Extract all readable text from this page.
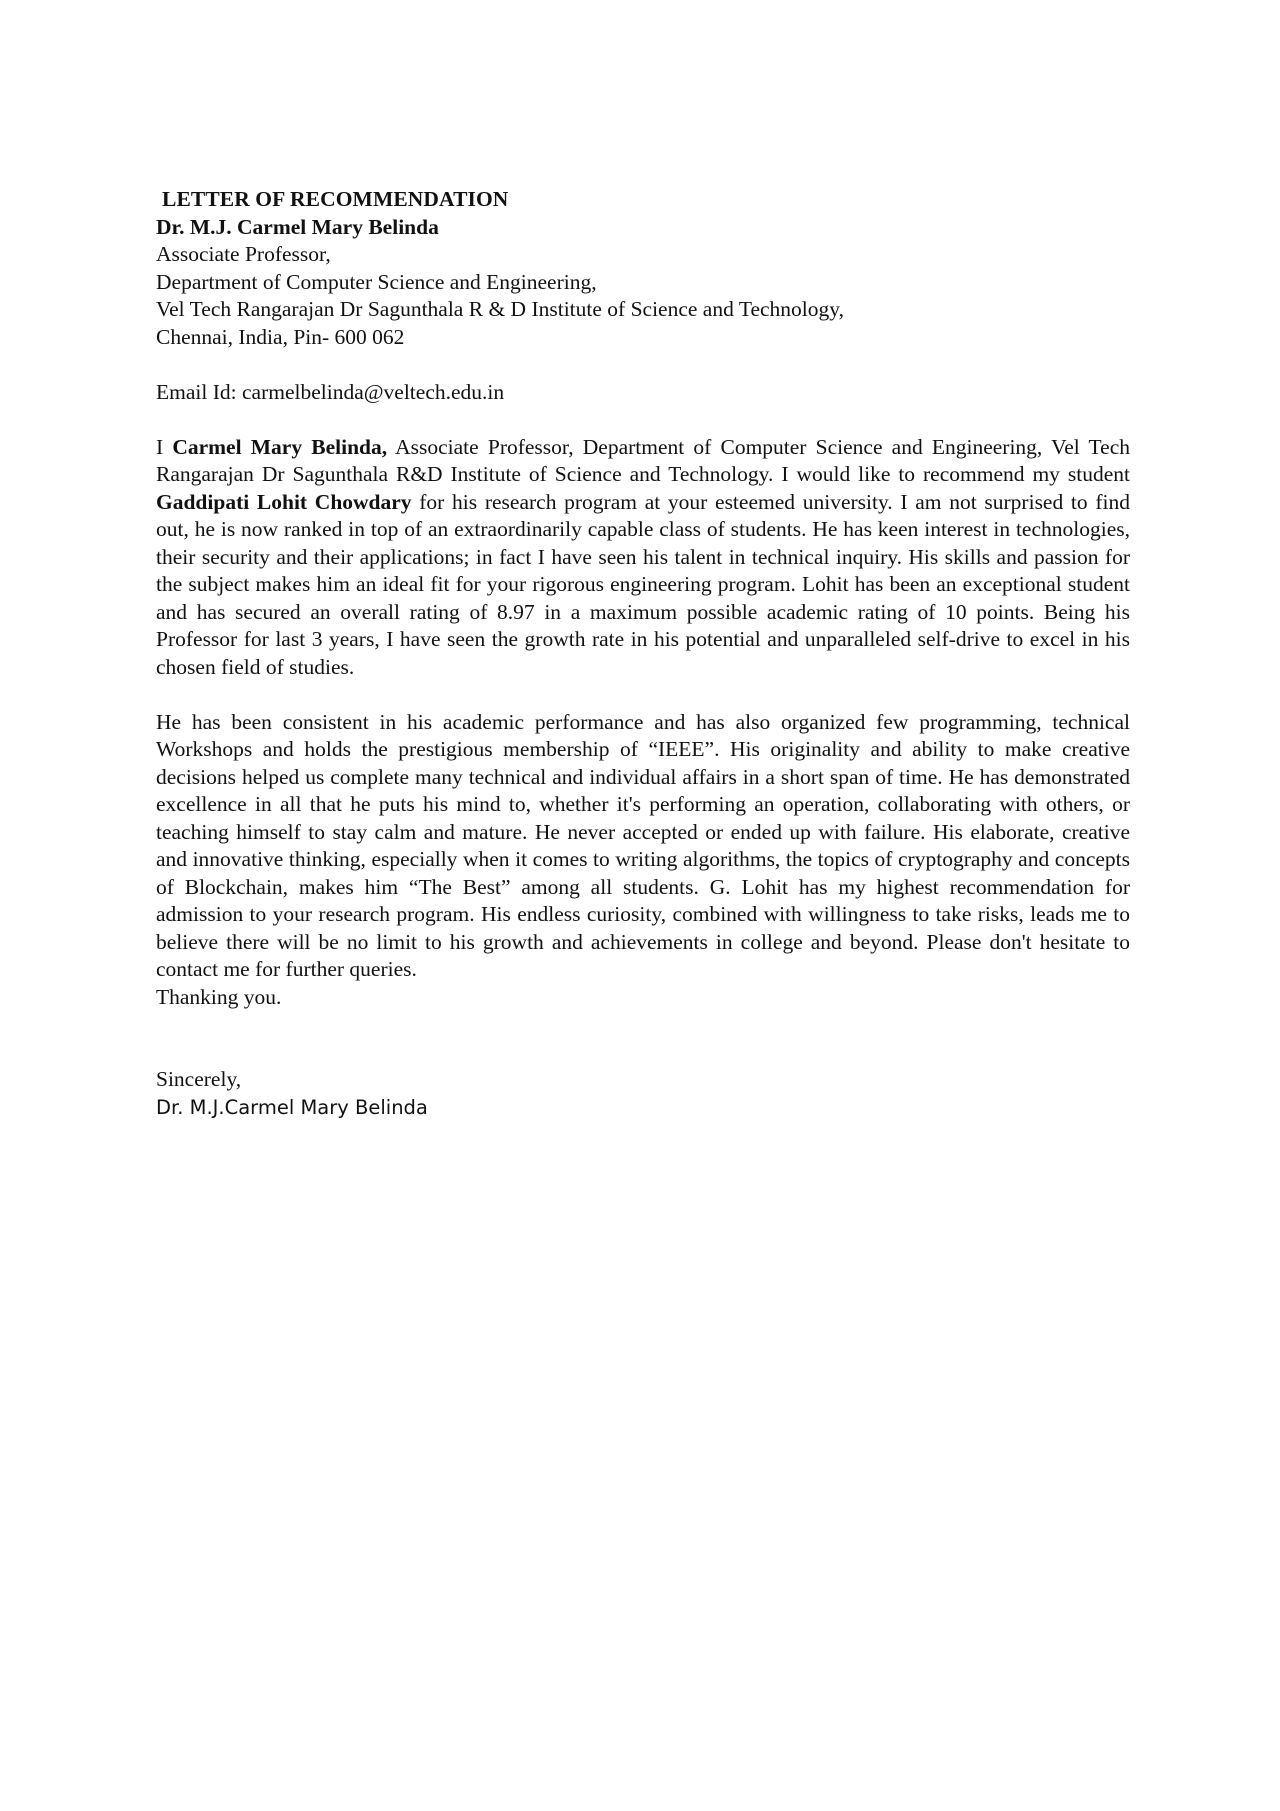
LETTER OF RECOMMENDATION
Dr. M.J. Carmel Mary Belinda
Associate Professor,
Department of Computer Science and Engineering,
Vel Tech Rangarajan Dr Sagunthala R & D Institute of Science and Technology,
Chennai, India, Pin- 600 062
Email Id: carmelbelinda@veltech.edu.in

I Carmel Mary Belinda, Associate Professor, Department of Computer Science and Engineering, Vel Tech Rangarajan Dr Sagunthala R&D Institute of Science and Technology. I would like to recommend my student Gaddipati Lohit Chowdary for his research program at your esteemed university. I am not surprised to find out, he is now ranked in top of an extraordinarily capable class of students. He has keen interest in technologies, their security and their applications; in fact I have seen his talent in technical inquiry. His skills and passion for the subject makes him an ideal fit for your rigorous engineering program. Lohit has been an exceptional student and has secured an overall rating of 8.97 in a maximum possible academic rating of 10 points. Being his Professor for last 3 years, I have seen the growth rate in his potential and unparalleled self-drive to excel in his chosen field of studies.

He has been consistent in his academic performance and has also organized few programming, technical Workshops and holds the prestigious membership of “IEEE”. His originality and ability to make creative decisions helped us complete many technical and individual affairs in a short span of time. He has demonstrated excellence in all that he puts his mind to, whether it's performing an operation, collaborating with others, or teaching himself to stay calm and mature. He never accepted or ended up with failure. His elaborate, creative and innovative thinking, especially when it comes to writing algorithms, the topics of cryptography and concepts of Blockchain, makes him “The Best” among all students. G. Lohit has my highest recommendation for admission to your research program. His endless curiosity, combined with willingness to take risks, leads me to believe there will be no limit to his growth and achievements in college and beyond. Please don't hesitate to contact me for further queries.

Thanking you.
Sincerely,
Dr. M.J.Carmel Mary Belinda
